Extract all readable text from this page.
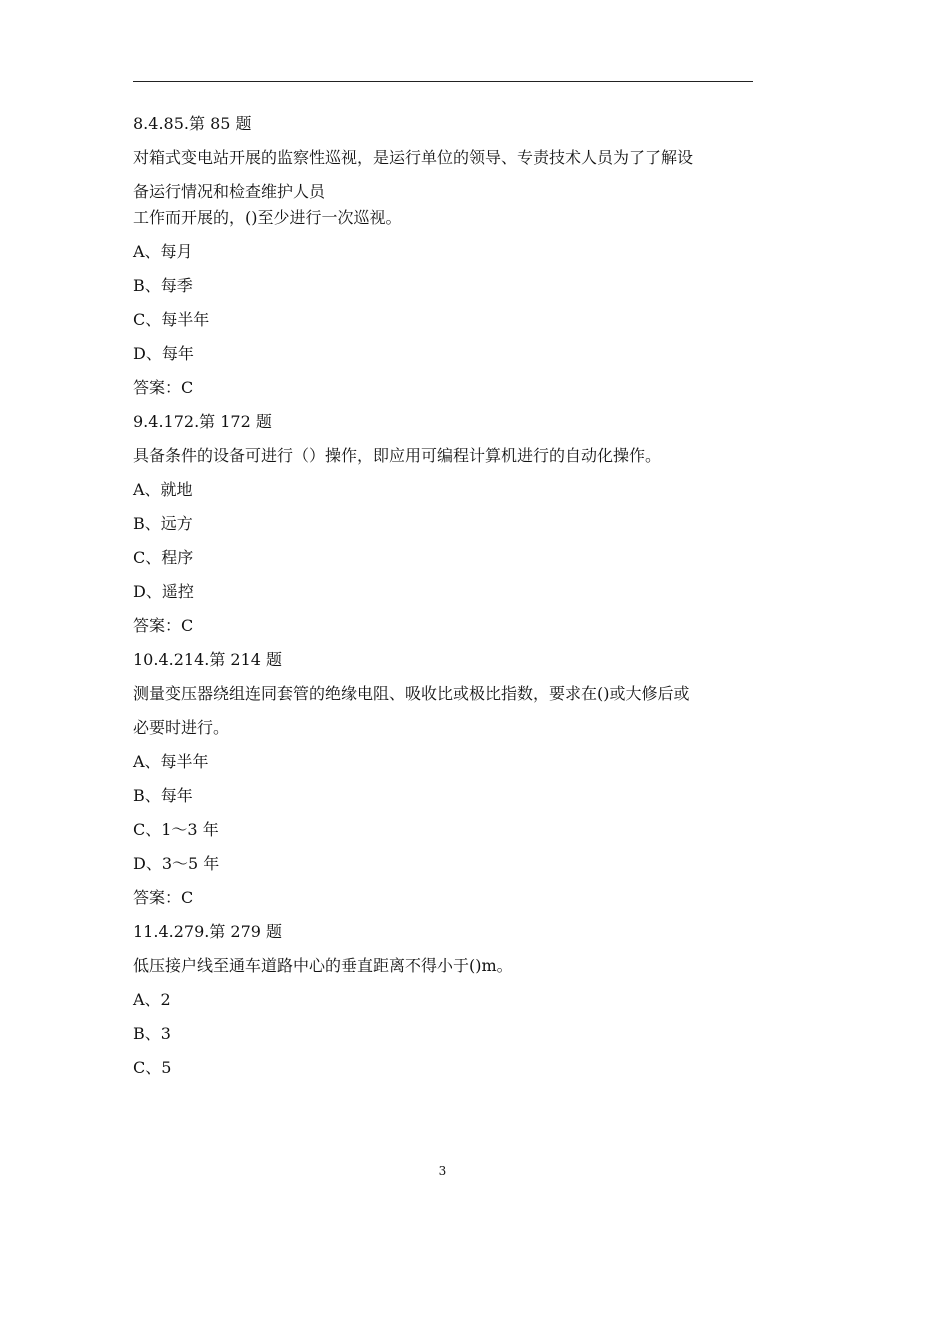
8.4.85.第 85 题

对箱式变电站开展的监察性巡视，是运行单位的领导、专责技术人员为了了解设

备运行情况和检查维护人员

工作而开展的，()至少进行一次巡视。

A、每月

B、每季

C、每半年

D、每年

答案：C

9.4.172.第 172 题

具备条件的设备可进行（）操作，即应用可编程计算机进行的自动化操作。

A、就地

B、远方

C、程序

D、遥控

答案：C

10.4.214.第 214 题

测量变压器绕组连同套管的绝缘电阻、吸收比或极比指数，要求在()或大修后或

必要时进行。

A、每半年

B、每年

C、1～3 年

D、3～5 年

答案：C

11.4.279.第 279 题

低压接户线至通车道路中心的垂直距离不得小于()m。

A、2

B、3

C、5

3
